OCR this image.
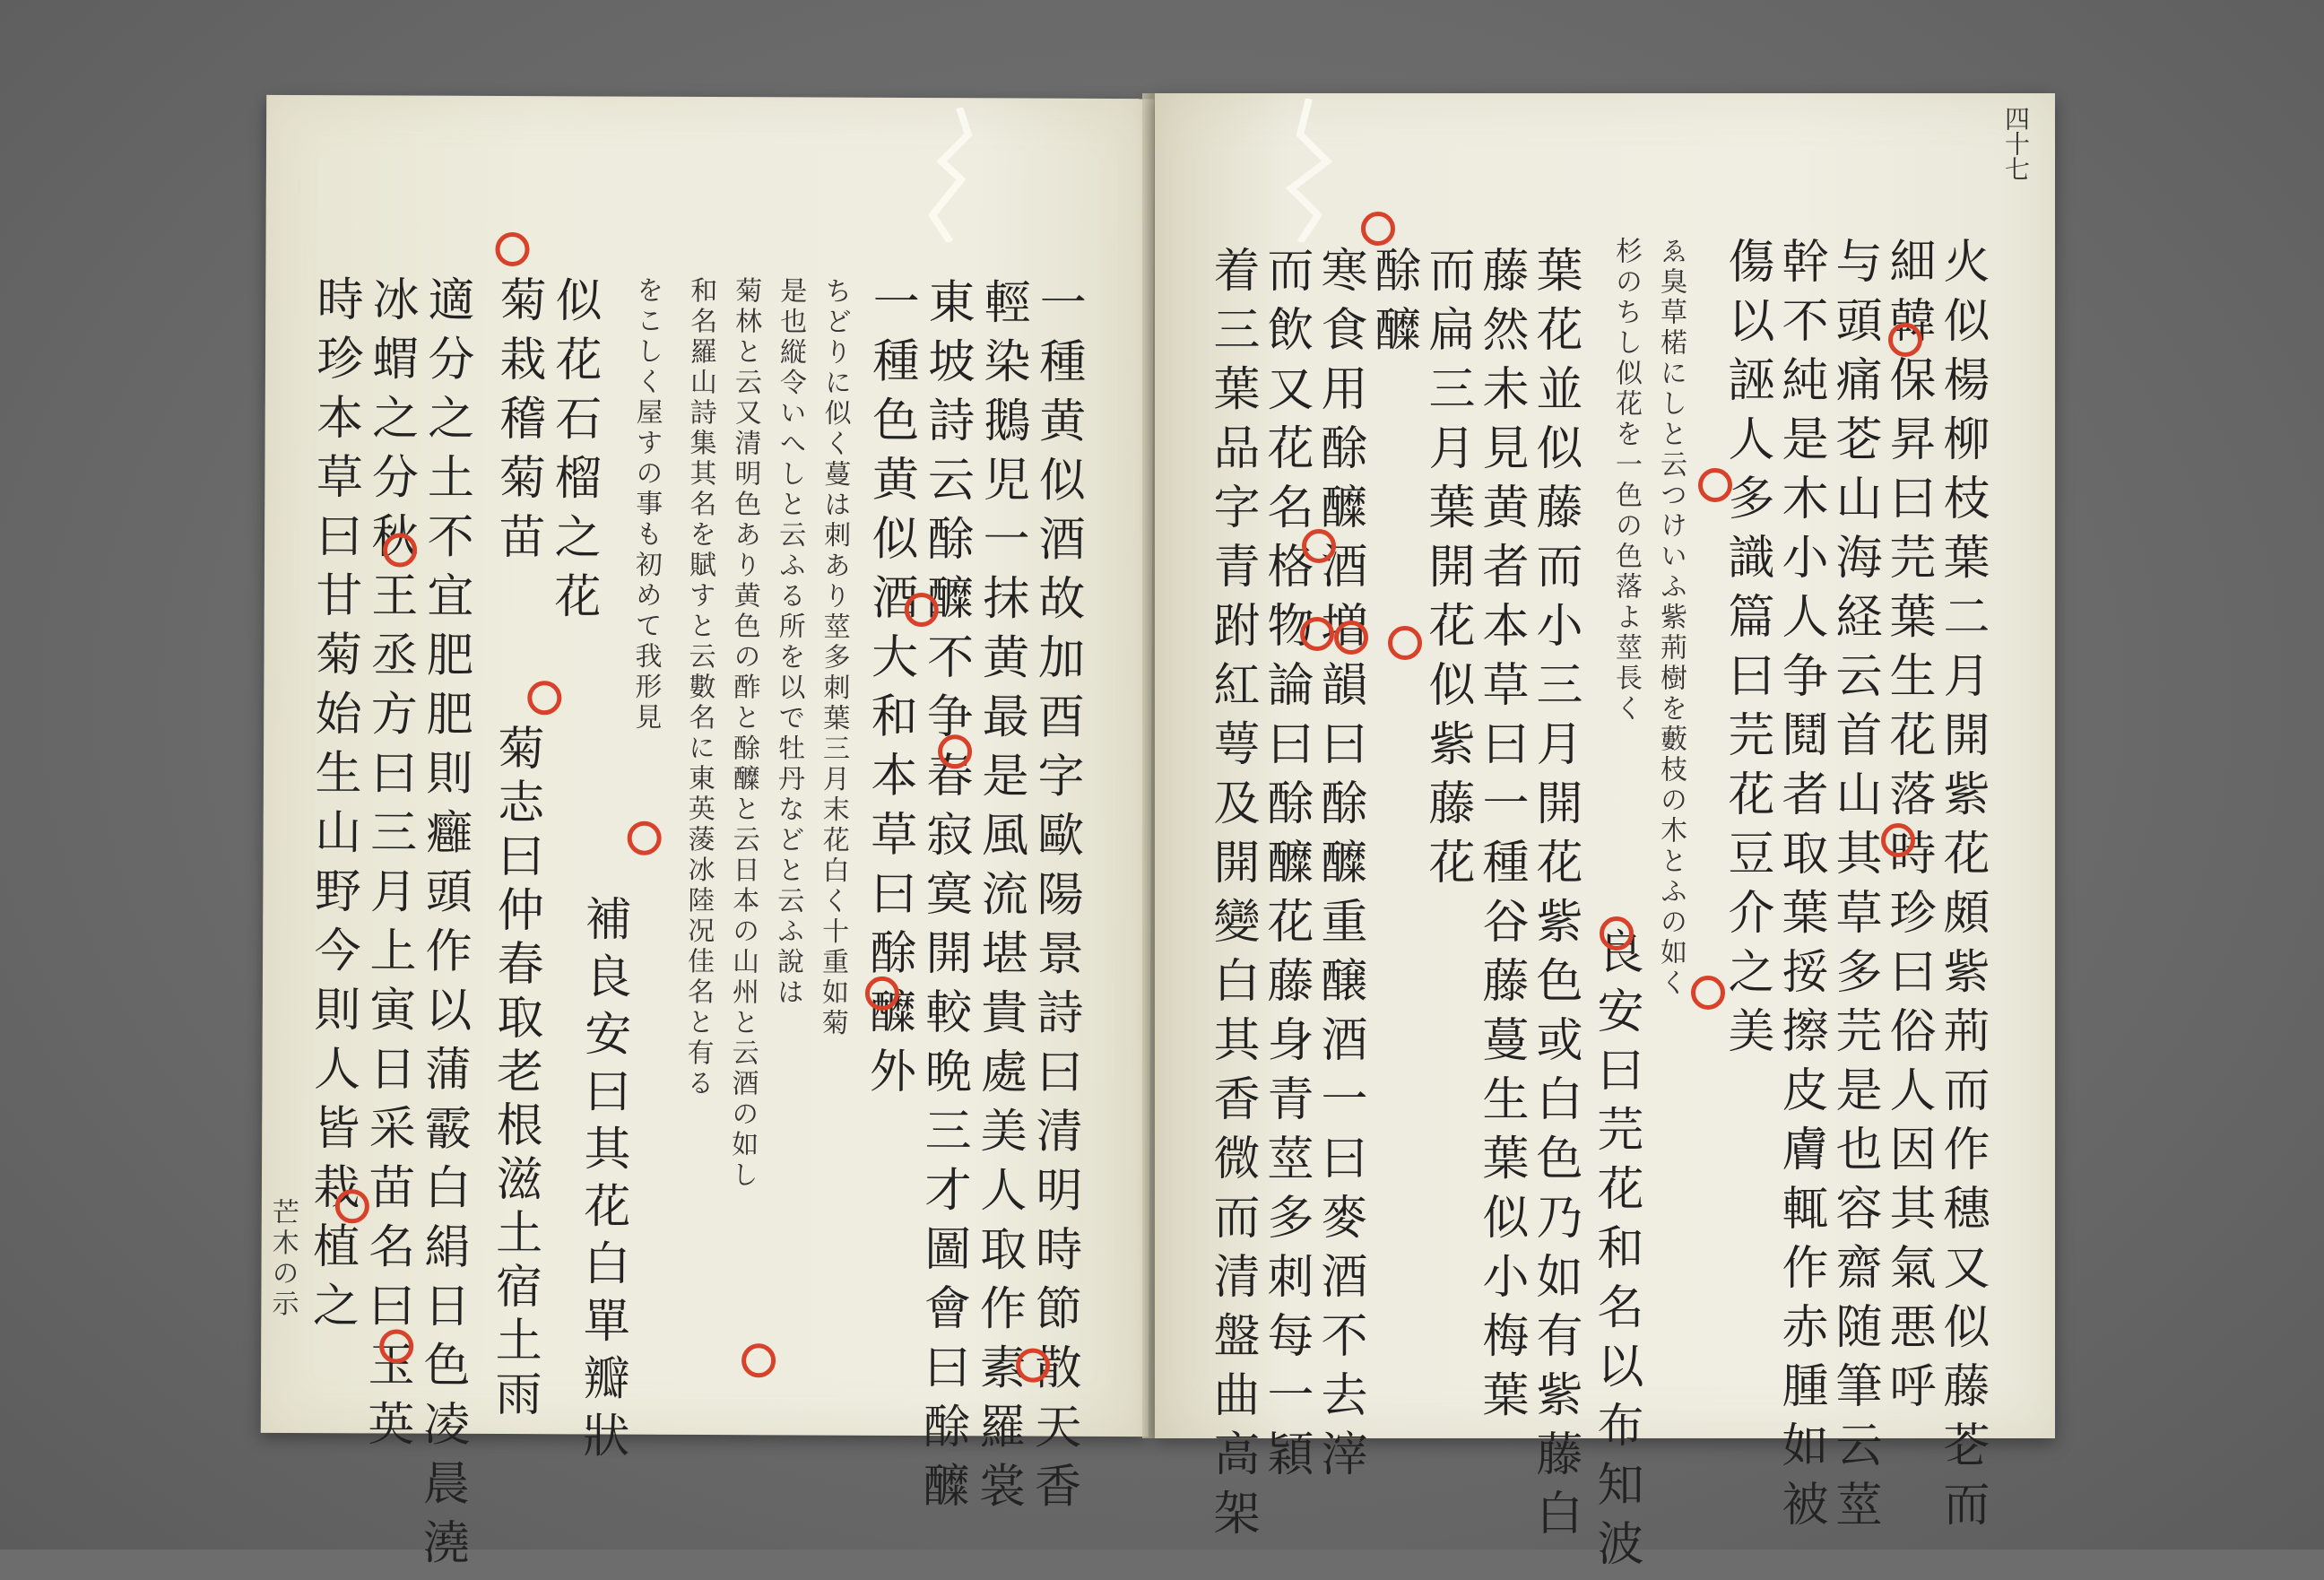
一種黄似酒故加酉字歐陽景詩曰清明時節散天香
輕染鵝児一抹黄最是風流堪貴處美人取作素羅裳
東坡詩云酴醾不争春寂寞開較晩三才圖會曰酴醾
一種色黄似酒大和本草曰酴醾外
ちどりに似く蔓は刺あり莖多刺葉三月末花白く十重如菊
是也縦令いへしと云ふる所を以で牡丹などと云ふ說は
菊林と云又清明色あり黄色の酢と酴醾と云日本の山州と云酒の如し
和名羅山詩集其名を賦すと云數名に東英蔆冰陸况佳名と有る
をこしく屋すの事も初めて我形見
似花石榴之花
菊栽稽菊苗
適分之土不宜肥肥則癰頭作以蒲霰白絹日色凌晨澆
冰蝟之分秋王丞方曰三月上寅日采苗名曰玉英
時珍本草曰甘菊始生山野今則人皆栽植之	補良安曰其花白單瓣狀
菊志曰仲春取老根滋土宿土雨
芒木の示
四十七
火似楊柳枝葉二月開紫花頗紫荊而作穗又似藤芲而
細韓保昇曰芫葉生花落時珍曰俗人因其氣悪呼
与頭痛芲山海経云首山其草多芫是也容齋随筆云莖
幹不純是木小人争鬩者取葉挼擦皮膚輒作赤腫如被
傷以誣人多識篇曰芫花豆介之美
良安曰芫花和名以布知波
ゑ臭草楉にしと云つけいふ紫荊樹を藪枝の木とふの如く
杉のちし似花を一色の色落よ莖長く
葉花並似藤而小三月開花紫色或白色乃如有紫藤白
藤然未見黄者本草曰一種谷藤蔓生葉似小梅葉
而扁三月葉開花似紫藤花
酴醾
寒食用酴醾酒増韻曰酴醾重醸酒一曰麥酒不去滓
而飲又花名格物論曰酴醾花藤身青莖多刺每一穎
着三葉品字青跗紅萼及開變白其香微而清盤曲高架
